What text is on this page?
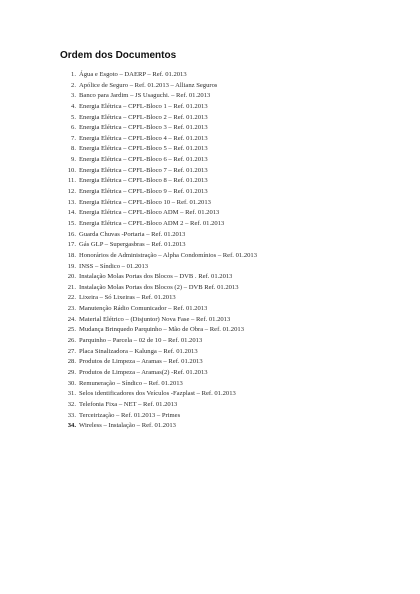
Ordem dos Documentos
1. Água e Esgoto – DAERP – Ref. 01.2013
2. Apólice de Seguro – Ref. 01.2013 – Allianz Seguros
3. Banco para Jardim – JS Usaguchi. – Ref. 01.2013
4. Energia Elétrica – CPFL-Bloco 1 – Ref. 01.2013
5. Energia Elétrica – CPFL-Bloco 2 – Ref. 01.2013
6. Energia Elétrica – CPFL-Bloco 3 – Ref. 01.2013
7. Energia Elétrica – CPFL-Bloco 4 – Ref. 01.2013
8. Energia Elétrica – CPFL-Bloco 5 – Ref. 01.2013
9. Energia Elétrica – CPFL-Bloco 6 – Ref. 01.2013
10. Energia Elétrica – CPFL-Bloco 7 – Ref. 01.2013
11. Energia Elétrica – CPFL-Bloco 8 – Ref. 01.2013
12. Energia Elétrica – CPFL-Bloco 9 – Ref. 01.2013
13. Energia Elétrica – CPFL-Bloco 10 – Ref. 01.2013
14. Energia Elétrica – CPFL-Bloco ADM – Ref. 01.2013
15. Energia Elétrica – CPFL-Bloco ADM 2 – Ref. 01.2013
16. Guarda Chuvas -Portaria – Ref. 01.2013
17. Gás GLP – Supergasbras – Ref. 01.2013
18. Honorários de Administração – Alpha Condomínios – Ref. 01.2013
19. INSS – Síndico – 01.2013
20. Instalação Molas Portas dos Blocos – DVB . Ref. 01.2013
21. Instalação Molas Portas dos Blocos (2) – DVB Ref. 01.2013
22. Lixeira – Só Lixeiras – Ref. 01.2013
23. Manutenção Rádio Comunicador – Ref. 01.2013
24. Material Elétrico – (Disjuntor) Nova Fase – Ref. 01.2013
25. Mudança Brinquedo Parquinho – Mão de Obra – Ref. 01.2013
26. Parquinho – Parcela – 02 de 10 – Ref. 01.2013
27. Placa Sinalizadora – Kalunga – Ref. 01.2013
28. Produtos de Limpeza – Aramas – Ref. 01.2013
29. Produtos de Limpeza – Aramas(2) -Ref. 01.2013
30. Remuneração – Síndico – Ref. 01.2013
31. Selos identificadores dos Veículos -Fazplast – Ref. 01.2013
32. Telefonia Fixa – NET – Ref. 01.2013
33. Terceirização – Ref. 01.2013 – Primes
34. Wireless – Instalação – Ref. 01.2013
